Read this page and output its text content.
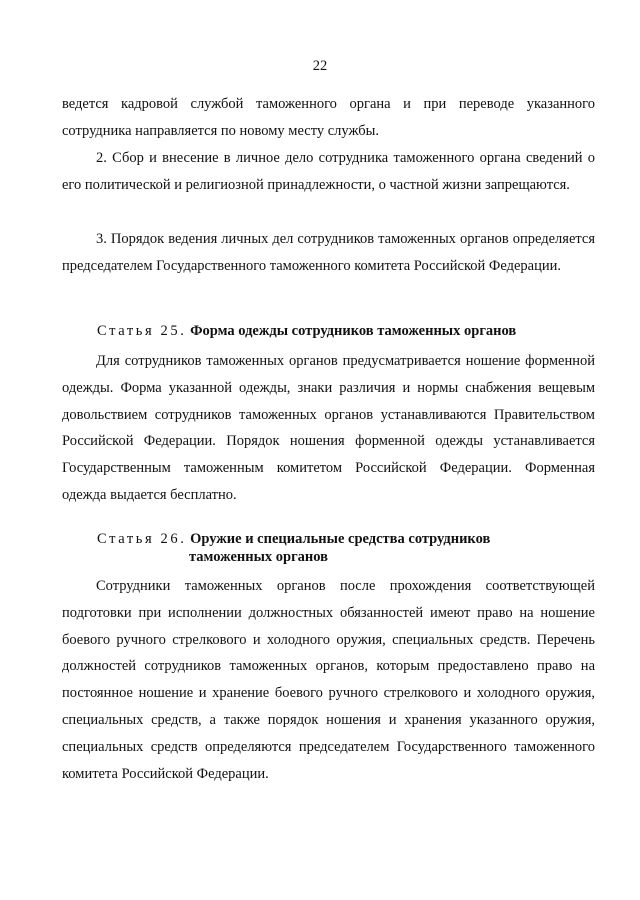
22

ведется кадровой службой таможенного органа и при переводе указанного сотрудника направляется по новому месту службы.

2. Сбор и внесение в личное дело сотрудника таможенного органа сведений о его политической и религиозной принадлежности, о частной жизни запрещаются.

3. Порядок ведения личных дел сотрудников таможенных органов определяется председателем Государственного таможенного комитета Российской Федерации.

Статья 25. Форма одежды сотрудников таможенных органов

Для сотрудников таможенных органов предусматривается ношение форменной одежды. Форма указанной одежды, знаки различия и нормы снабжения вещевым довольствием сотрудников таможенных органов устанавливаются Правительством Российской Федерации. Порядок ношения форменной одежды устанавливается Государственным таможенным комитетом Российской Федерации. Форменная одежда выдается бесплатно.

Статья 26. Оружие и специальные средства сотрудников
таможенных органов

Сотрудники таможенных органов после прохождения соответствующей подготовки при исполнении должностных обязанностей имеют право на ношение боевого ручного стрелкового и холодного оружия, специальных средств. Перечень должностей сотрудников таможенных органов, которым предоставлено право на постоянное ношение и хранение боевого ручного стрелкового и холодного оружия, специальных средств, а также порядок ношения и хранения указанного оружия, специальных средств определяются председателем Государственного таможенного комитета Российской Федерации.
